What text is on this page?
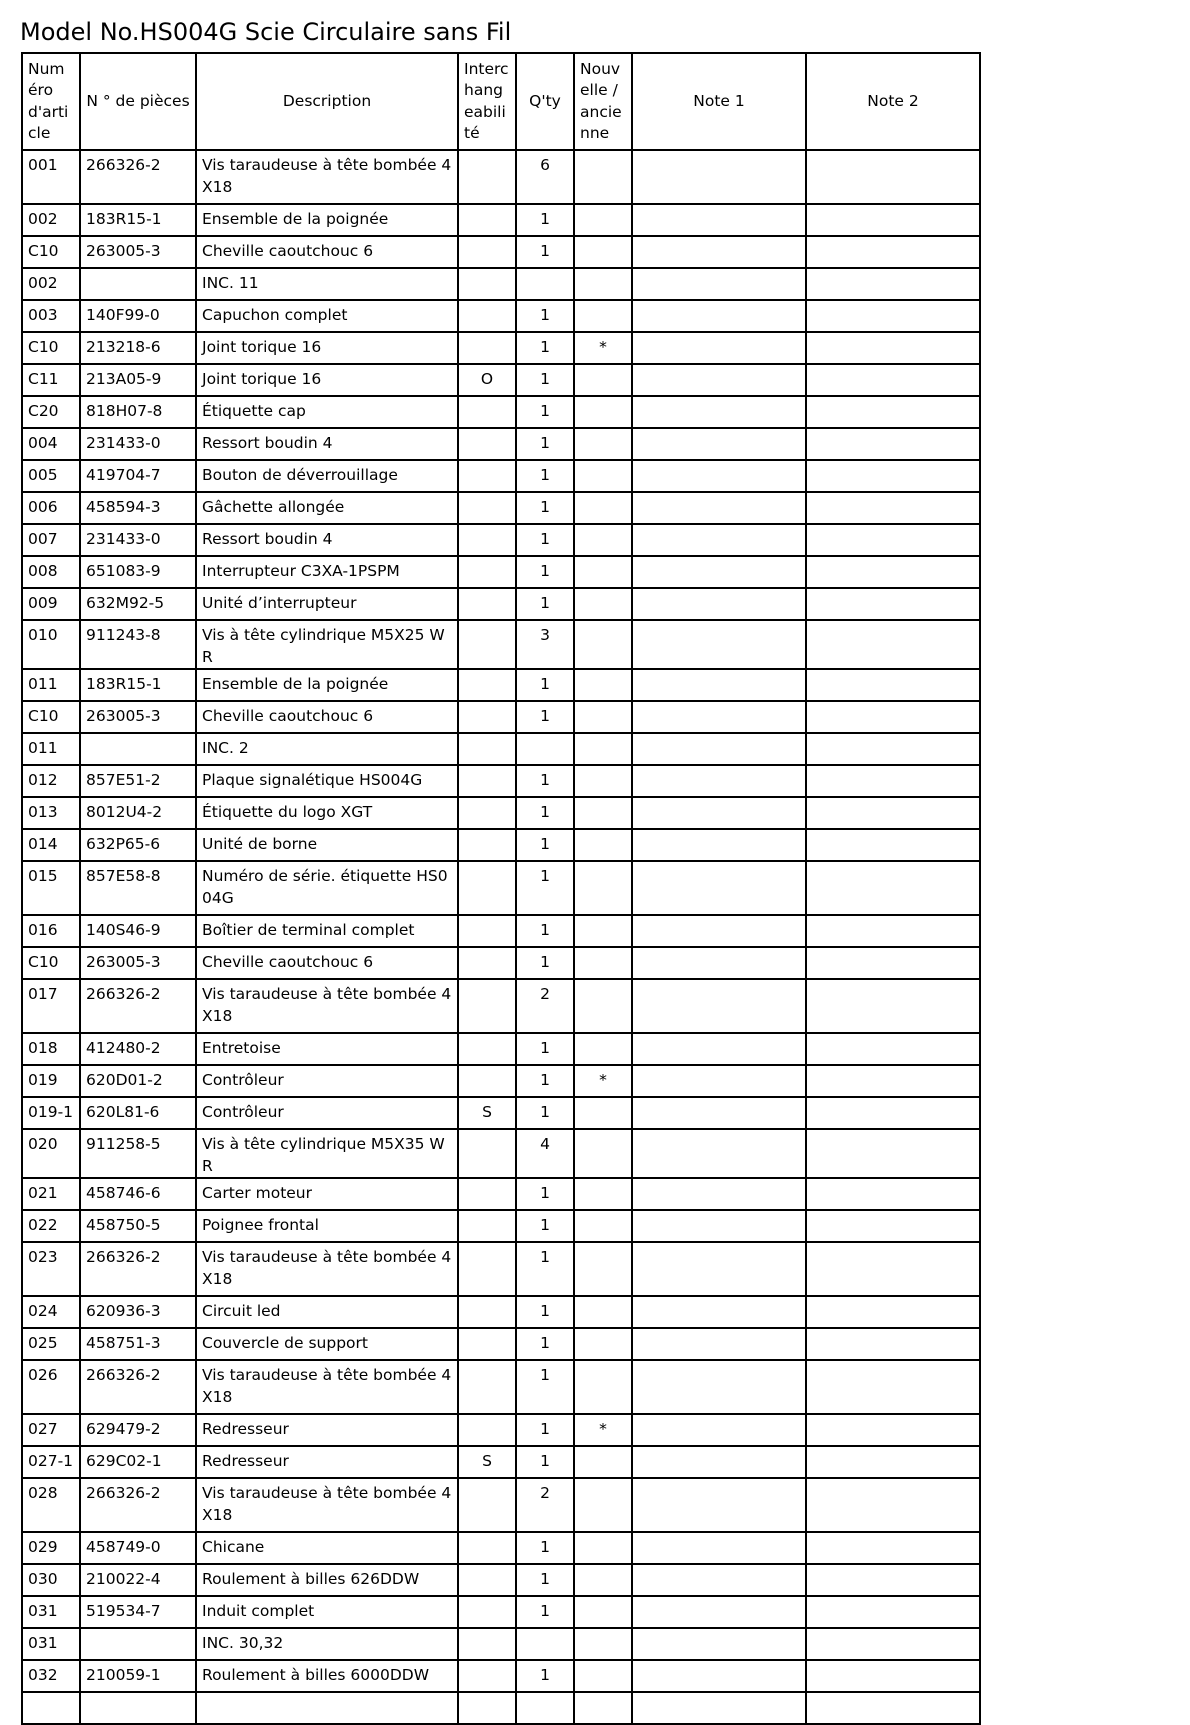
Model No.HS004G Scie Circulaire sans Fil
Numéro d'article	N ° de pièces	Description	Interchangeabilité	Q'ty	Nouvelle / ancienne	Note 1	Note 2
001	266326-2	Vis taraudeuse à tête bombée 4X18		6			
002	183R15-1	Ensemble de la poignée		1			
C10	263005-3	Cheville caoutchouc 6		1			
002		INC. 11					
003	140F99-0	Capuchon complet		1			
C10	213218-6	Joint torique 16		1	*		
C11	213A05-9	Joint torique 16	O	1			
C20	818H07-8	Étiquette cap		1			
004	231433-0	Ressort boudin 4		1			
005	419704-7	Bouton de déverrouillage		1			
006	458594-3	Gâchette allongée		1			
007	231433-0	Ressort boudin 4		1			
008	651083-9	Interrupteur C3XA-1PSPM		1			
009	632M92-5	Unité d’interrupteur		1			
010	911243-8	Vis à tête cylindrique M5X25 WR		3			
011	183R15-1	Ensemble de la poignée		1			
C10	263005-3	Cheville caoutchouc 6		1			
011		INC. 2					
012	857E51-2	Plaque signalétique HS004G		1			
013	8012U4-2	Étiquette du logo XGT		1			
014	632P65-6	Unité de borne		1			
015	857E58-8	Numéro de série. étiquette HS004G		1			
016	140S46-9	Boîtier de terminal complet		1			
C10	263005-3	Cheville caoutchouc 6		1			
017	266326-2	Vis taraudeuse à tête bombée 4X18		2			
018	412480-2	Entretoise		1			
019	620D01-2	Contrôleur		1	*		
019-1	620L81-6	Contrôleur	S	1			
020	911258-5	Vis à tête cylindrique M5X35 WR		4			
021	458746-6	Carter moteur		1			
022	458750-5	Poignee frontal		1			
023	266326-2	Vis taraudeuse à tête bombée 4X18		1			
024	620936-3	Circuit led		1			
025	458751-3	Couvercle de support		1			
026	266326-2	Vis taraudeuse à tête bombée 4X18		1			
027	629479-2	Redresseur		1	*		
027-1	629C02-1	Redresseur	S	1			
028	266326-2	Vis taraudeuse à tête bombée 4X18		2			
029	458749-0	Chicane		1			
030	210022-4	Roulement à billes 626DDW		1			
031	519534-7	Induit complet		1			
031		INC. 30,32					
032	210059-1	Roulement à billes 6000DDW		1			
